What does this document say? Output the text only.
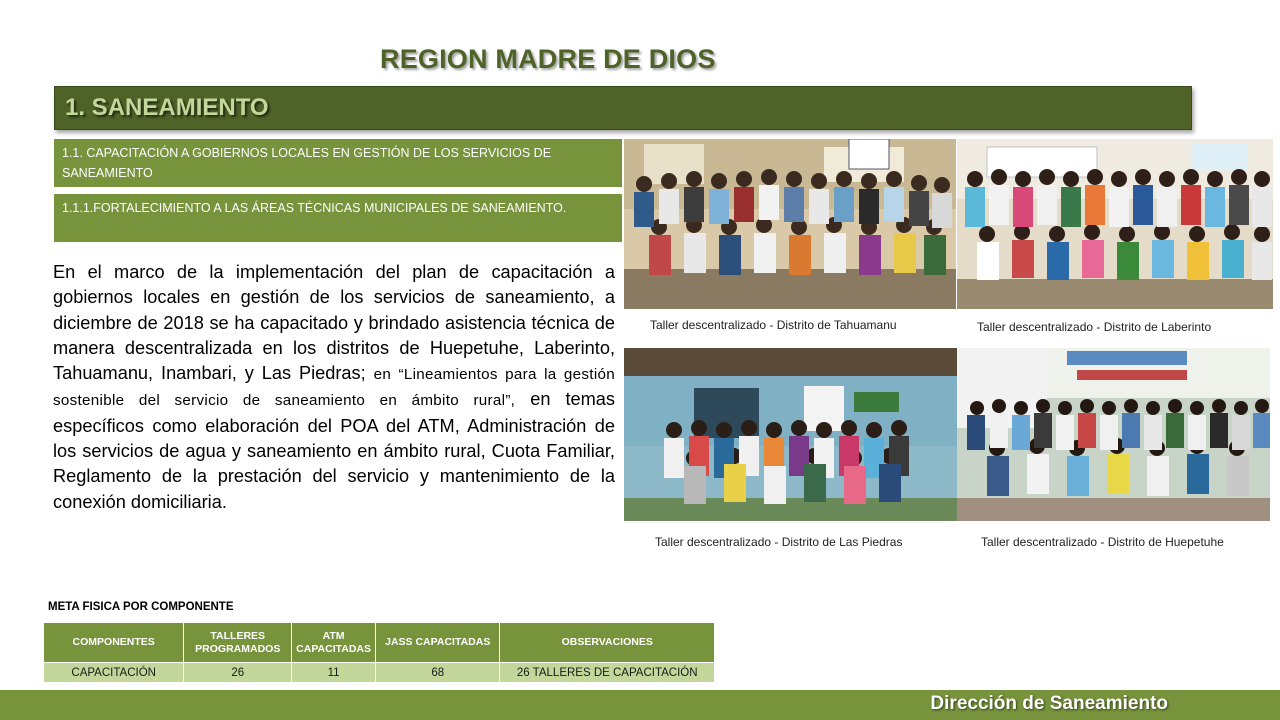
REGION MADRE DE DIOS
1. SANEAMIENTO
1.1. CAPACITACIÓN A GOBIERNOS LOCALES EN GESTIÓN DE LOS SERVICIOS DE SANEAMIENTO
1.1.1.FORTALECIMIENTO A LAS ÁREAS TÉCNICAS MUNICIPALES DE SANEAMIENTO.
En el marco de la implementación del plan de capacitación a gobiernos locales en gestión de los servicios de saneamiento, a diciembre de 2018 se ha capacitado y brindado asistencia técnica de manera descentralizada en los distritos de Huepetuhe, Laberinto, Tahuamanu, Inambari, y Las Piedras; en “Lineamientos para la gestión sostenible del servicio de saneamiento en ámbito rural”, en temas específicos como elaboración del POA del ATM, Administración de los servicios de agua y saneamiento en ámbito rural, Cuota Familiar, Reglamento de la prestación del servicio y mantenimiento de la conexión domiciliaria.
Taller descentralizado - Distrito de Tahuamanu	Taller descentralizado - Distrito de Laberinto
Taller descentralizado - Distrito de Las Piedras	Taller descentralizado - Distrito de Huepetuhe
META FISICA POR COMPONENTE
COMPONENTES	TALLERES PROGRAMADOS	ATM CAPACITADAS	JASS CAPACITADAS	OBSERVACIONES
CAPACITACIÓN	26	11	68	26 TALLERES DE CAPACITACIÓN
Dirección de Saneamiento
